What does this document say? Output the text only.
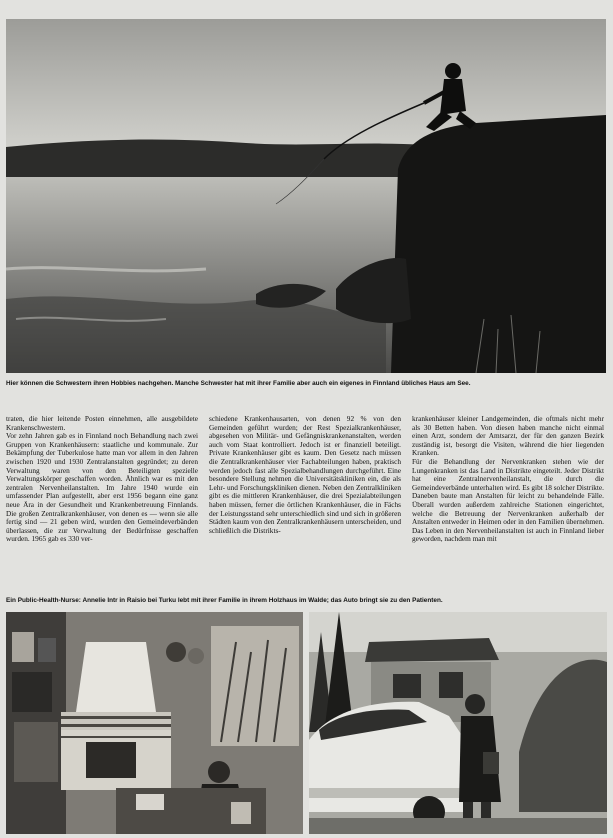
Hier können die Schwestern ihren Hobbies nachgehen. Manche Schwester hat mit ihrer Familie aber auch ein eigenes in Finnland übliches Haus am See.

traten, die hier leitende Posten einnehmen, alle ausgebildete Krankenschwestern.

Vor zehn Jahren gab es in Finnland noch Behandlung nach zwei Gruppen von Krankenhäusern: staatliche und kommunale. Zur Bekämpfung der Tuberkulose hatte man vor allem in den Jahren zwischen 1920 und 1930 Zentralanstalten gegründet; zu deren Verwaltung waren von den Beteiligten spezielle Verwaltungskörper geschaffen worden. Ähnlich war es mit den zentralen Nervenheilanstalten. Im Jahre 1940 wurde ein umfassender Plan aufgestellt, aber erst 1956 begann eine ganz neue Ära in der Gesundheit und Krankenbetreuung Finnlands. Die großen Zentralkrankenhäuser, von denen es — wenn sie alle fertig sind — 21 geben wird, wurden den Gemeindeverbänden überlassen, die zur Verwaltung der Bedürfnisse geschaffen wurden. 1965 gab es 330 ver-

schiedene Krankenhausarten, von denen 92 % von den Gemeinden geführt wurden; der Rest Spezialkrankenhäuser, abgesehen von Militär- und Gefängniskrankenanstalten, werden auch vom Staat kontrolliert. Jedoch ist er finanziell beteiligt. Private Krankenhäuser gibt es kaum. Den Gesetz nach müssen die Zentralkrankenhäuser vier Fachabteilungen haben, praktisch werden jedoch fast alle Spezialbehandlungen durchgeführt. Eine besondere Stellung nehmen die Universitätskliniken ein, die als Lehr- und Forschungskliniken dienen. Neben den Zentralkliniken gibt es die mittleren Krankenhäuser, die drei Spezialabteilungen haben müssen, ferner die örtlichen Krankenhäuser, die in Fächs der Leistungsstand sehr unterschiedlich sind und sich in größeren Städten kaum von den Zentralkrankenhäusern unterscheiden, und schließlich die Distrikts-

krankenhäuser kleiner Landgemeinden, die oftmals nicht mehr als 30 Betten haben. Von diesen haben manche nicht einmal einen Arzt, sondern der Amtsarzt, der für den ganzen Bezirk zuständig ist, besorgt die Visiten, während die hier liegenden Kranken.

Für die Behandlung der Nervenkranken stehen wie der Lungenkranken ist das Land in Distrikte eingeteilt. Jeder Distrikt hat eine Zentralnervenheilanstalt, die durch die Gemeindeverbände unterhalten wird. Es gibt 18 solcher Distrikte. Daneben baute man Anstalten für leicht zu behandelnde Fälle. Überall wurden außerdem zahlreiche Stationen eingerichtet, welche die Betreuung der Nervenkranken außerhalb der Anstalten entweder in Heimen oder in den Familien übernehmen. Das Leben in den Nervenheilanstalten ist auch in Finnland lieber geworden, nachdem man mit

Ein Public-Health-Nurse: Annelie Intr in Raisio bei Turku lebt mit ihrer Familie in ihrem Holzhaus im Walde; das Auto bringt sie zu den Patienten.
